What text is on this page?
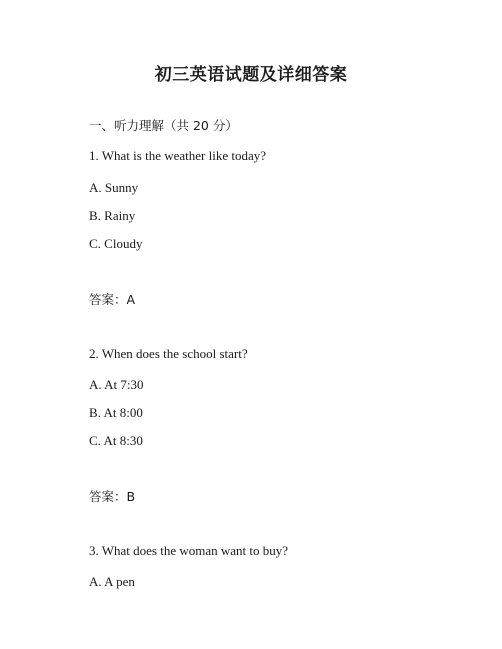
初三英语试题及详细答案
一、听力理解（共 20 分）
1. What is the weather like today?
A. Sunny
B. Rainy
C. Cloudy
答案：A
2. When does the school start?
A. At 7:30
B. At 8:00
C. At 8:30
答案：B
3. What does the woman want to buy?
A. A pen
